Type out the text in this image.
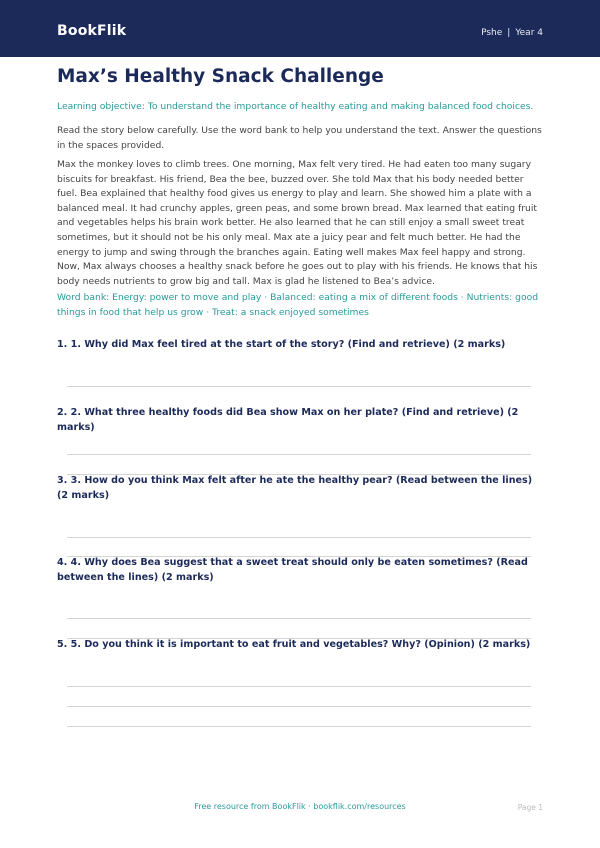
BookFlik	Pshe | Year 4
Max’s Healthy Snack Challenge

Learning objective: To understand the importance of healthy eating and making balanced food choices.

Read the story below carefully. Use the word bank to help you understand the text. Answer the questions in the spaces provided.

Max the monkey loves to climb trees. One morning, Max felt very tired. He had eaten too many sugary biscuits for breakfast. His friend, Bea the bee, buzzed over. She told Max that his body needed better fuel. Bea explained that healthy food gives us energy to play and learn. She showed him a plate with a balanced meal. It had crunchy apples, green peas, and some brown bread. Max learned that eating fruit and vegetables helps his brain work better. He also learned that he can still enjoy a small sweet treat sometimes, but it should not be his only meal. Max ate a juicy pear and felt much better. He had the energy to jump and swing through the branches again. Eating well makes Max feel happy and strong. Now, Max always chooses a healthy snack before he goes out to play with his friends. He knows that his body needs nutrients to grow big and tall. Max is glad he listened to Bea’s advice.

Word bank: Energy: power to move and play · Balanced: eating a mix of different foods · Nutrients: good things in food that help us grow · Treat: a snack enjoyed sometimes

1. 1. Why did Max feel tired at the start of the story? (Find and retrieve) (2 marks)

2. 2. What three healthy foods did Bea show Max on her plate? (Find and retrieve) (2 marks)

3. 3. How do you think Max felt after he ate the healthy pear? (Read between the lines) (2 marks)

4. 4. Why does Bea suggest that a sweet treat should only be eaten sometimes? (Read between the lines) (2 marks)

5. 5. Do you think it is important to eat fruit and vegetables? Why? (Opinion) (2 marks)

Free resource from BookFlik · bookflik.com/resources	Page 1
